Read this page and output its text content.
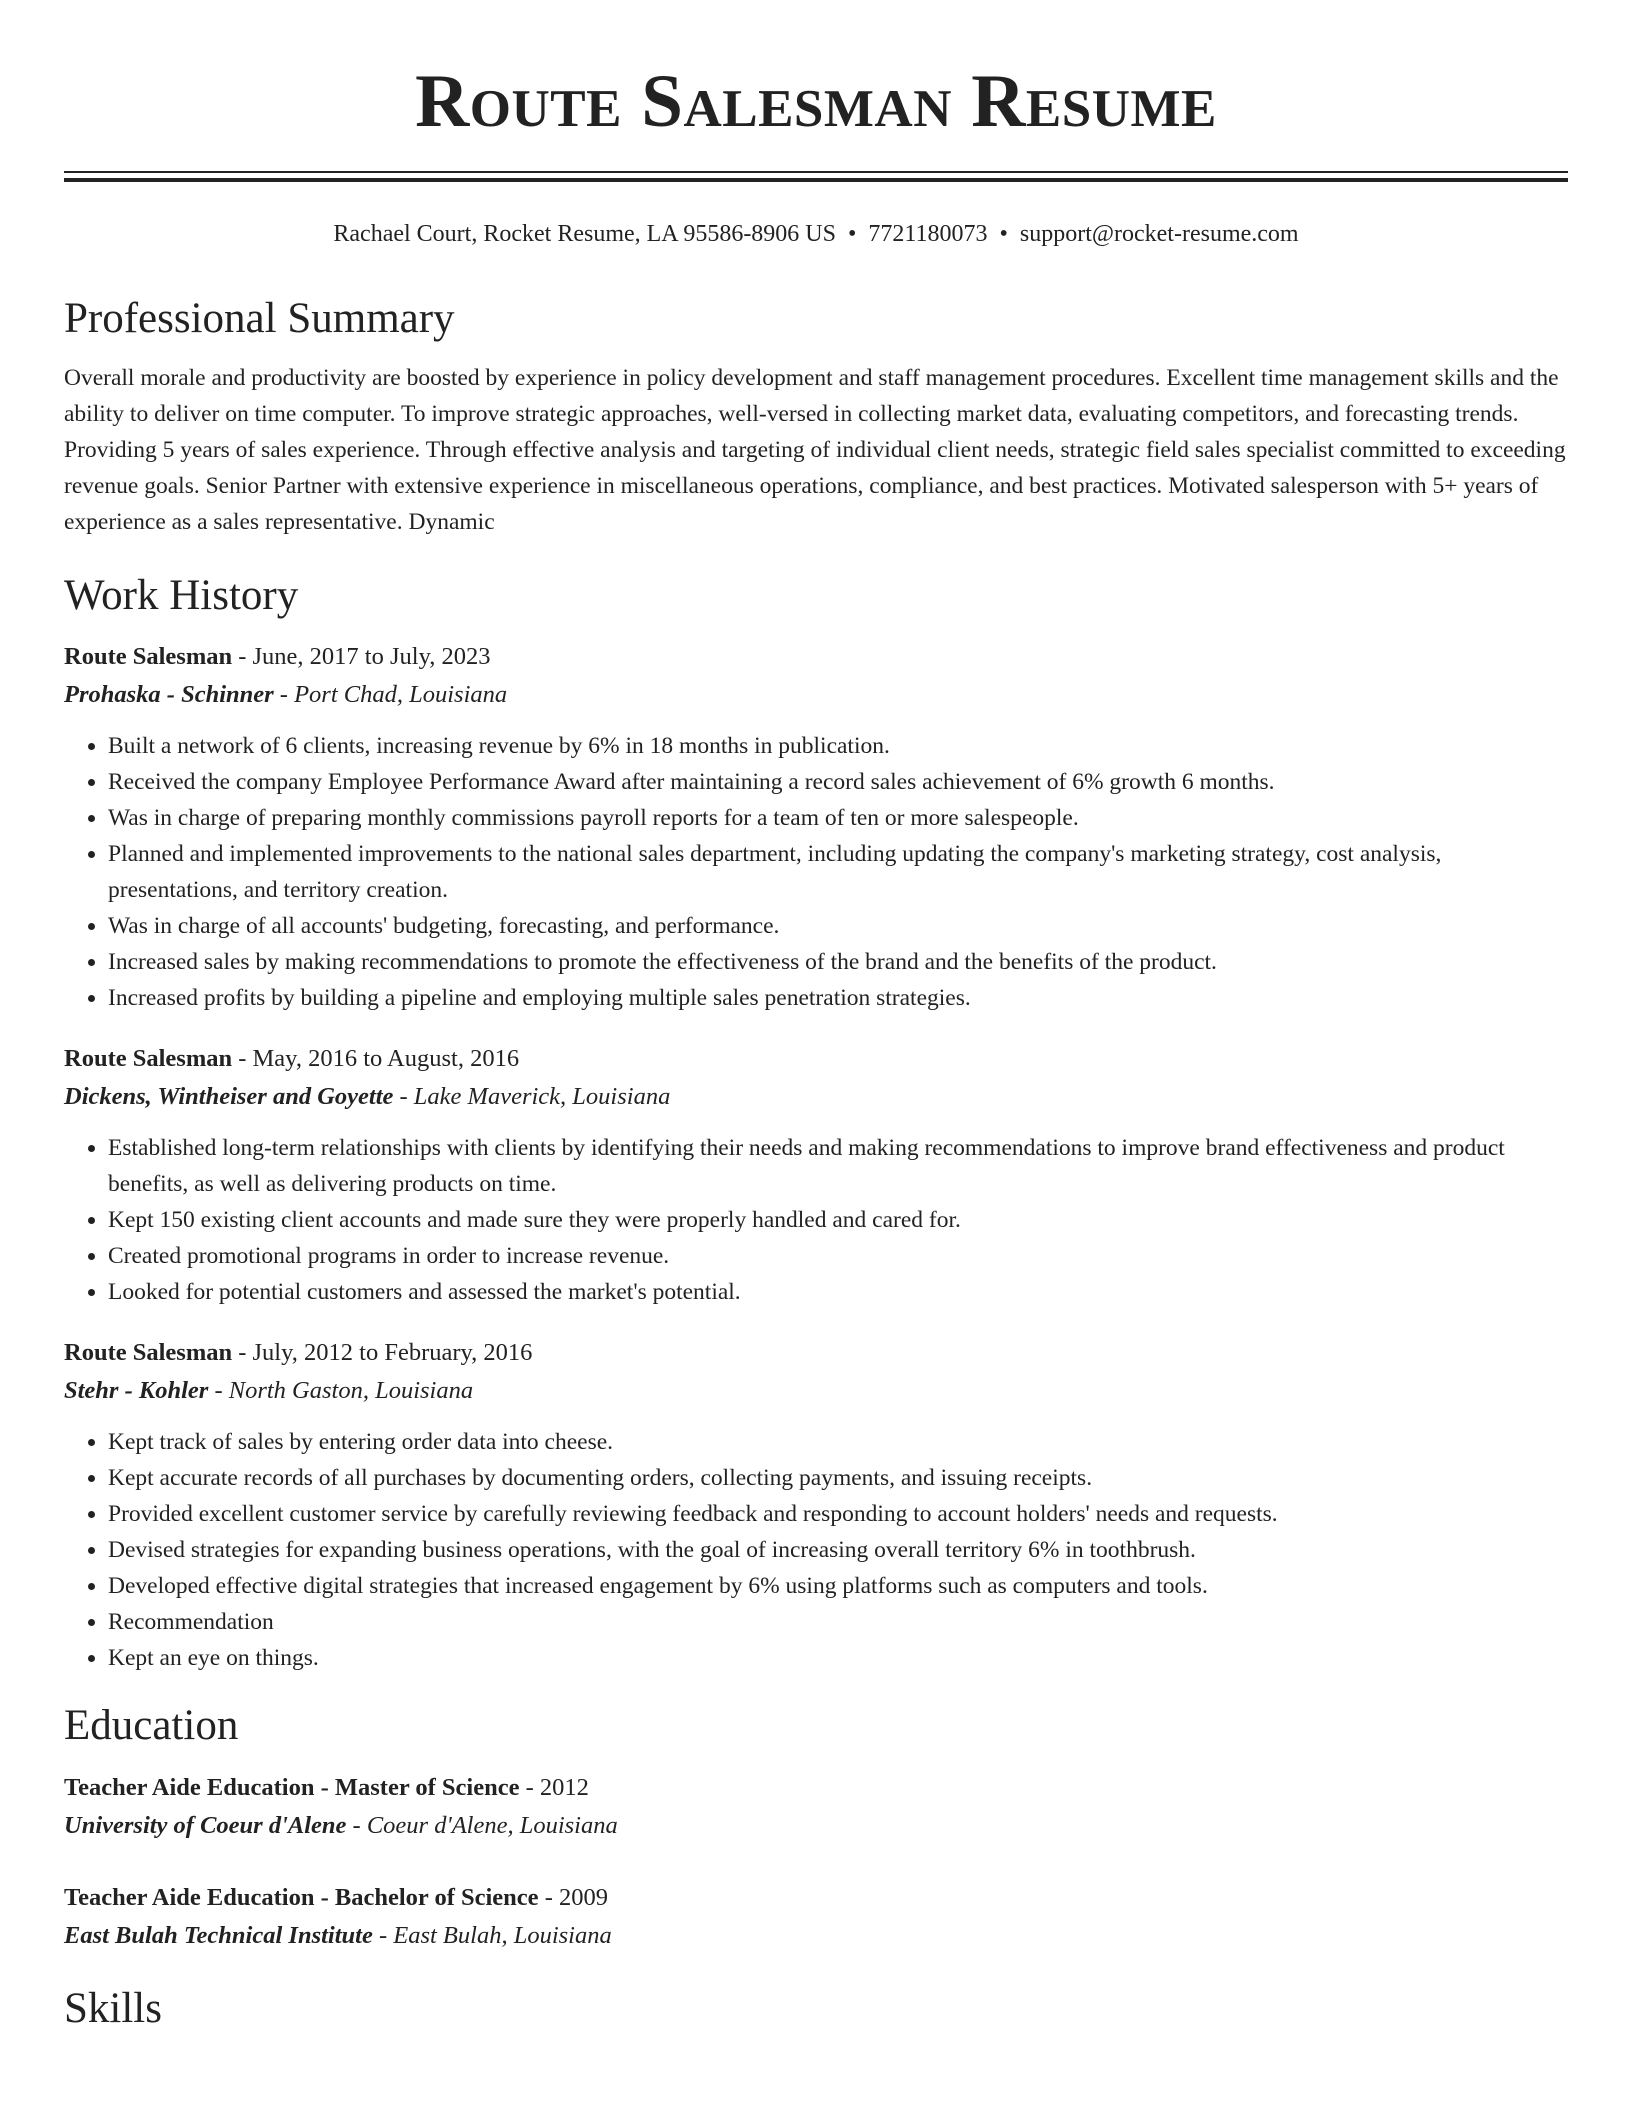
Route Salesman Resume
Rachael Court, Rocket Resume, LA 95586-8906 US • 7721180073 • support@rocket-resume.com
Professional Summary

Overall morale and productivity are boosted by experience in policy development and staff management procedures. Excellent time management skills and the ability to deliver on time computer. To improve strategic approaches, well-versed in collecting market data, evaluating competitors, and forecasting trends. Providing 5 years of sales experience. Through effective analysis and targeting of individual client needs, strategic field sales specialist committed to exceeding revenue goals. Senior Partner with extensive experience in miscellaneous operations, compliance, and best practices. Motivated salesperson with 5+ years of experience as a sales representative. Dynamic

Work History
Route Salesman - June, 2017 to July, 2023
Prohaska - Schinner - Port Chad, Louisiana
• Built a network of 6 clients, increasing revenue by 6% in 18 months in publication.
• Received the company Employee Performance Award after maintaining a record sales achievement of 6% growth 6 months.
• Was in charge of preparing monthly commissions payroll reports for a team of ten or more salespeople.
• Planned and implemented improvements to the national sales department, including updating the company's marketing strategy, cost analysis, presentations, and territory creation.
• Was in charge of all accounts' budgeting, forecasting, and performance.
• Increased sales by making recommendations to promote the effectiveness of the brand and the benefits of the product.
• Increased profits by building a pipeline and employing multiple sales penetration strategies.
Route Salesman - May, 2016 to August, 2016
Dickens, Wintheiser and Goyette - Lake Maverick, Louisiana
• Established long-term relationships with clients by identifying their needs and making recommendations to improve brand effectiveness and product benefits, as well as delivering products on time.
• Kept 150 existing client accounts and made sure they were properly handled and cared for.
• Created promotional programs in order to increase revenue.
• Looked for potential customers and assessed the market's potential.
Route Salesman - July, 2012 to February, 2016
Stehr - Kohler - North Gaston, Louisiana
• Kept track of sales by entering order data into cheese.
• Kept accurate records of all purchases by documenting orders, collecting payments, and issuing receipts.
• Provided excellent customer service by carefully reviewing feedback and responding to account holders' needs and requests.
• Devised strategies for expanding business operations, with the goal of increasing overall territory 6% in toothbrush.
• Developed effective digital strategies that increased engagement by 6% using platforms such as computers and tools.
• Recommendation
• Kept an eye on things.
Education
Teacher Aide Education - Master of Science - 2012
University of Coeur d'Alene - Coeur d'Alene, Louisiana
Teacher Aide Education - Bachelor of Science - 2009
East Bulah Technical Institute - East Bulah, Louisiana
Skills
